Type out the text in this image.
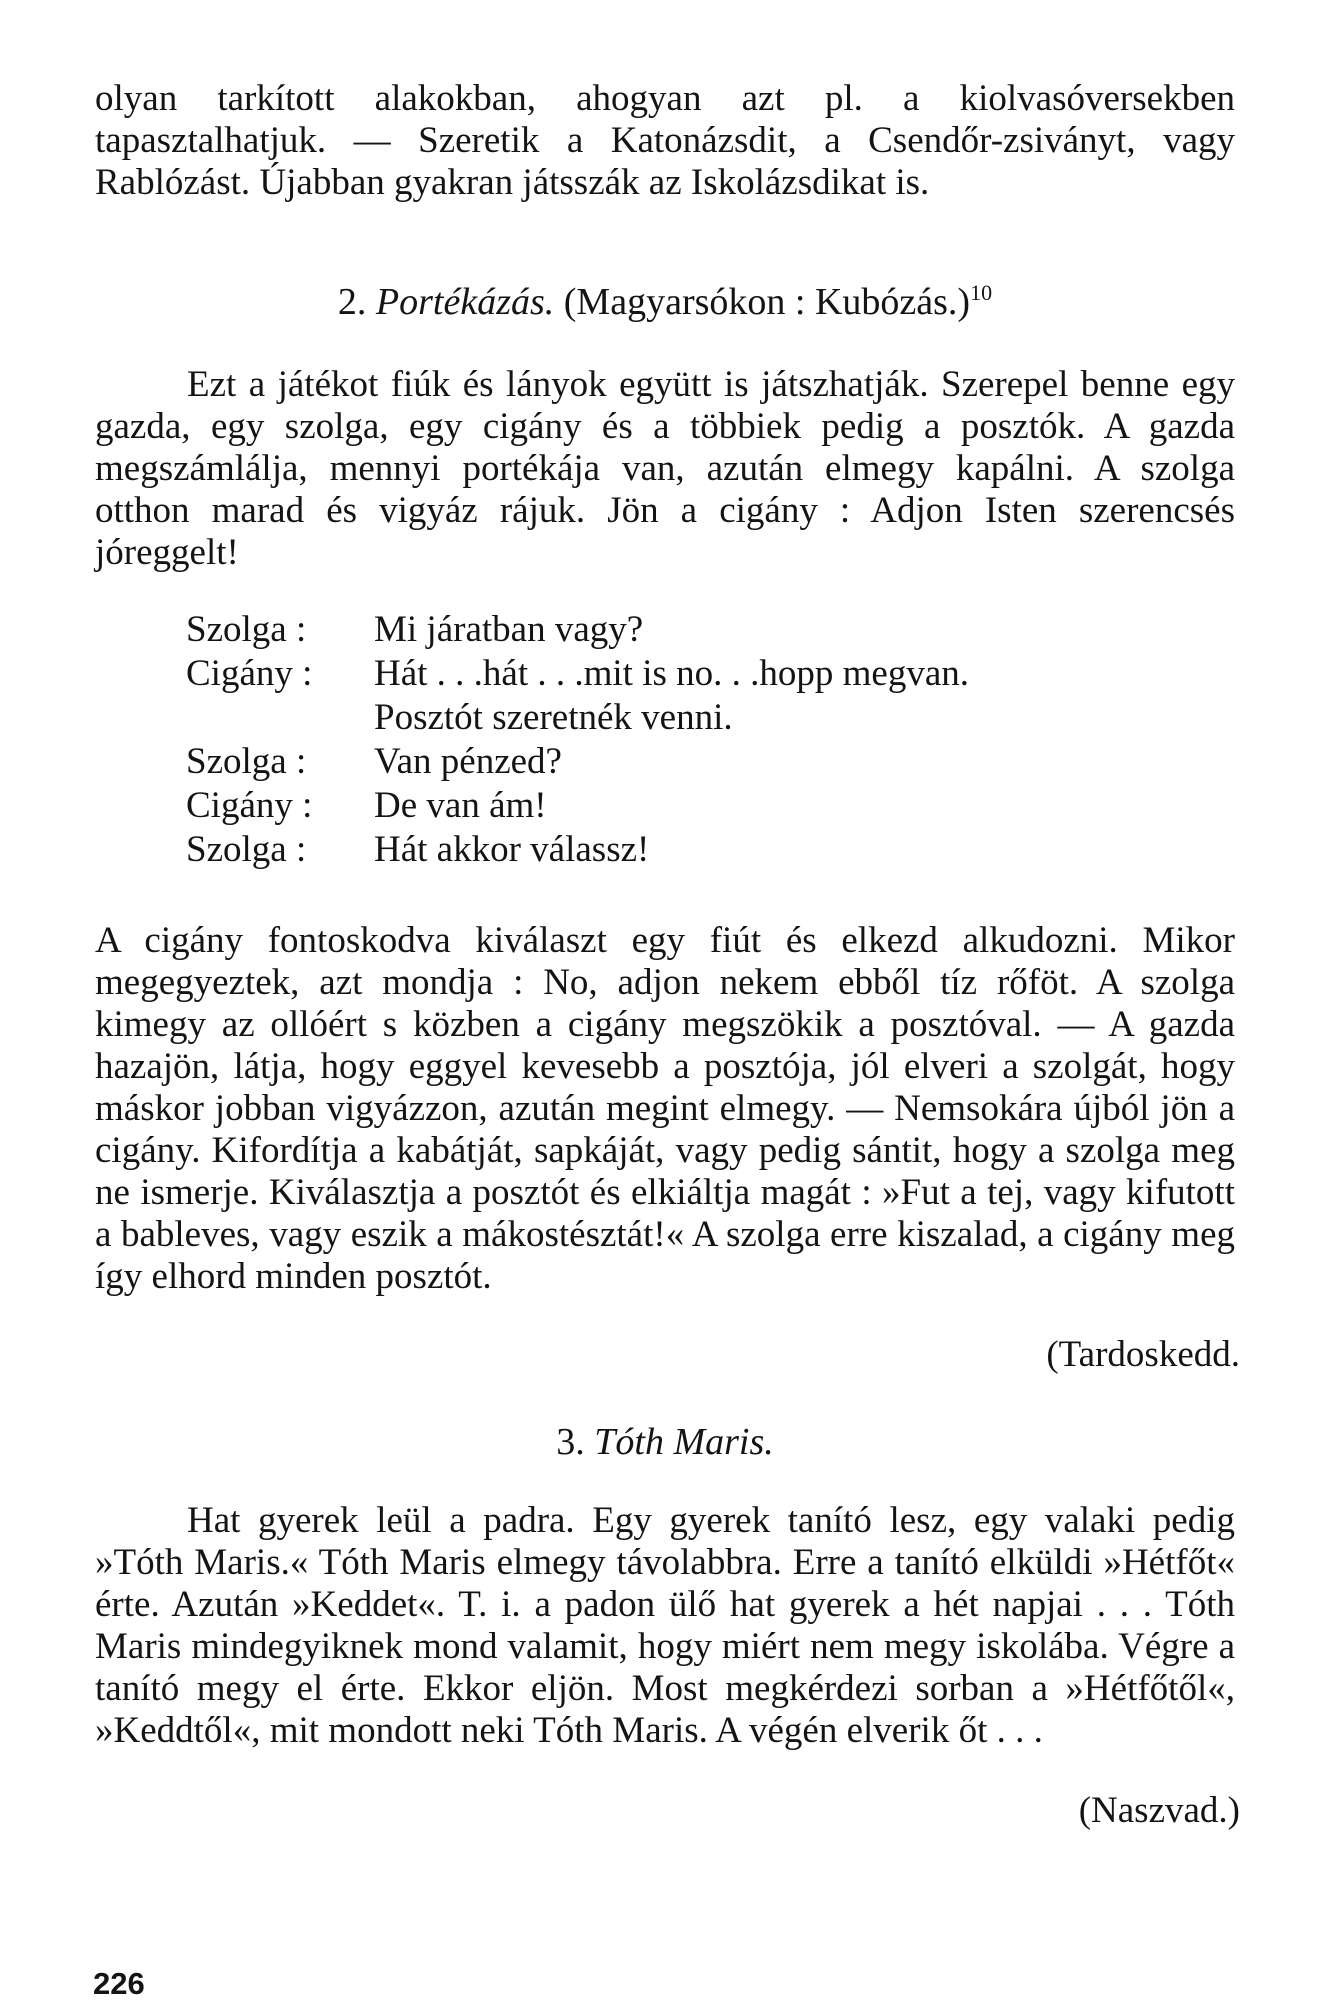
olyan tarkított alakokban, ahogyan azt pl. a kiolvasóversekben tapasztalhatjuk. — Szeretik a Katonázsdit, a Csendőr-zsiványt, vagy Rablózást. Újabban gyakran játsszák az Iskolázsdikat is.

2. Portékázás. (Magyarsókon : Kubózás.)$^{10}$

Ezt a játékot fiúk és lányok együtt is játszhatják. Szerepel benne egy gazda, egy szolga, egy cigány és a többiek pedig a posztók. A gazda megszámlálja, mennyi portékája van, azután elmegy kapálni. A szolga otthon marad és vigyáz rájuk. Jön a cigány : Adjon Isten szerencsés jóreggelt!

Szolga :	Mi járatban vagy?
Cigány :	Hát . . .hát . . .mit is no. . .hopp megvan.
Posztót szeretnék venni.
Szolga :	Van pénzed?
Cigány :	De van ám!
Szolga :	Hát akkor válassz!

A cigány fontoskodva kiválaszt egy fiút és elkezd alkudozni. Mikor megegyeztek, azt mondja : No, adjon nekem ebből tíz rőföt. A szolga kimegy az ollóért s közben a cigány megszökik a posztóval. — A gazda hazajön, látja, hogy eggyel kevesebb a posztója, jól elveri a szolgát, hogy máskor jobban vigyázzon, azután megint elmegy. — Nemsokára újból jön a cigány. Kifordítja a kabátját, sapkáját, vagy pedig sántit, hogy a szolga meg ne ismerje. Kiválasztja a posztót és elkiáltja magát : »Fut a tej, vagy kifutott a bableves, vagy eszik a mákostésztát!« A szolga erre kiszalad, a cigány meg így elhord minden posztót.

(Tardoskedd.
3. Tóth Maris.

Hat gyerek leül a padra. Egy gyerek tanító lesz, egy valaki pedig »Tóth Maris.« Tóth Maris elmegy távolabbra. Erre a tanító elküldi »Hétfőt« érte. Azután »Keddet«. T. i. a padon ülő hat gyerek a hét napjai . . . Tóth Maris mindegyiknek mond valamit, hogy miért nem megy iskolába. Végre a tanító megy el érte. Ekkor eljön. Most megkérdezi sorban a »Hétfőtől«, »Keddtől«, mit mondott neki Tóth Maris. A végén elverik őt . . .

(Naszvad.)
226
